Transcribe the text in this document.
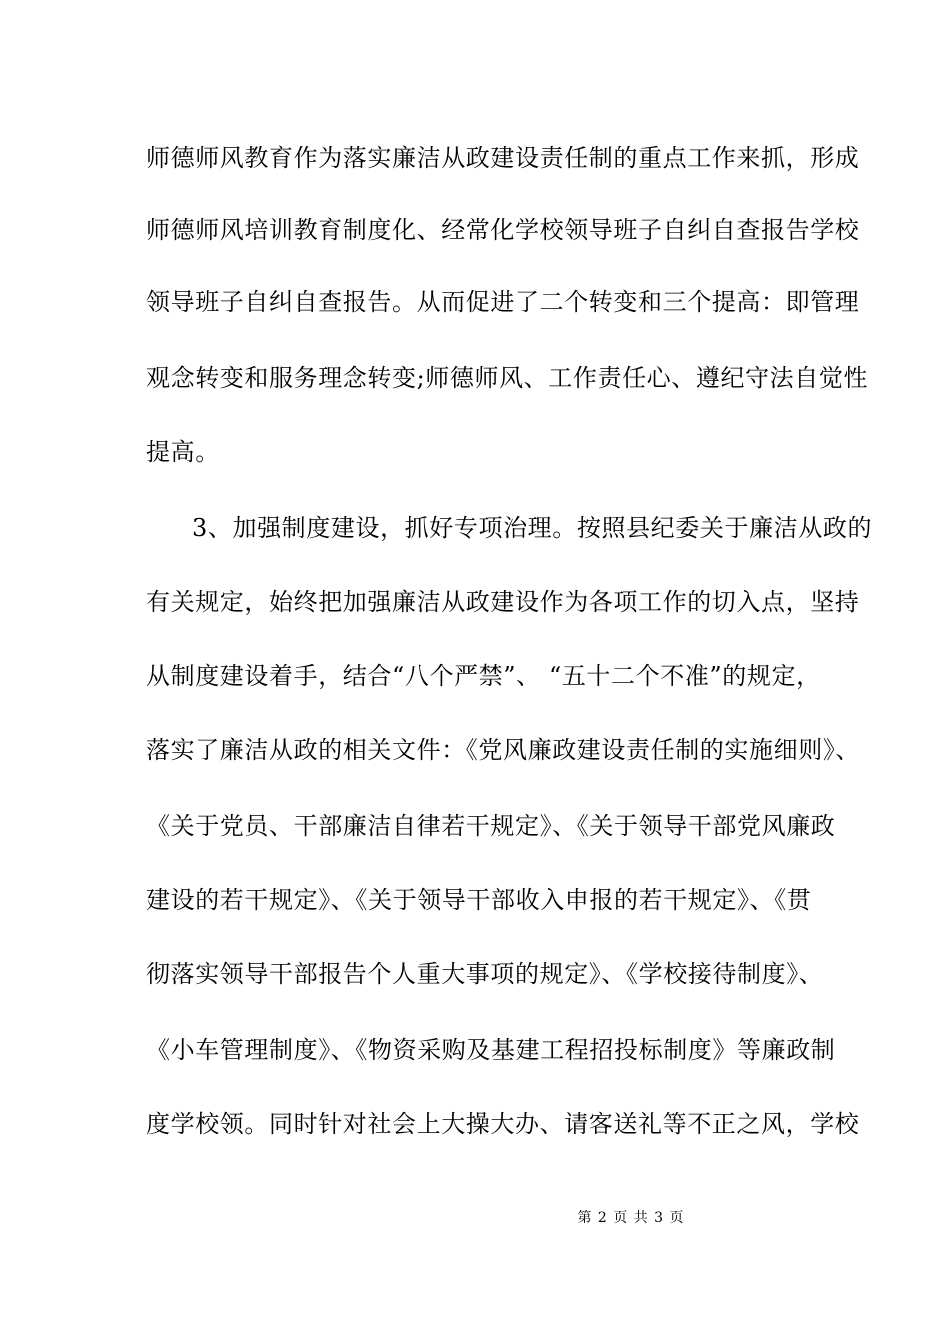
师德师风教育作为落实廉洁从政建设责任制的重点工作来抓，形成
师德师风培训教育制度化、经常化学校领导班子自纠自查报告学校
领导班子自纠自查报告。从而促进了二个转变和三个提高：即管理
观念转变和服务理念转变;师德师风、工作责任心、遵纪守法自觉性
提高。
3、加强制度建设，抓好专项治理。按照县纪委关于廉洁从政的
有关规定，始终把加强廉洁从政建设作为各项工作的切入点，坚持
从制度建设着手，结合“八个严禁”、 “五十二个不准”的规定，
落实了廉洁从政的相关文件：《党风廉政建设责任制的实施细则》、
《关于党员、干部廉洁自律若干规定》、《关于领导干部党风廉政
建设的若干规定》、《关于领导干部收入申报的若干规定》、《贯
彻落实领导干部报告个人重大事项的规定》、《学校接待制度》、
《小车管理制度》、《物资采购及基建工程招投标制度》等廉政制
度学校领。同时针对社会上大操大办、请客送礼等不正之风，学校
第 2 页 共 3 页
